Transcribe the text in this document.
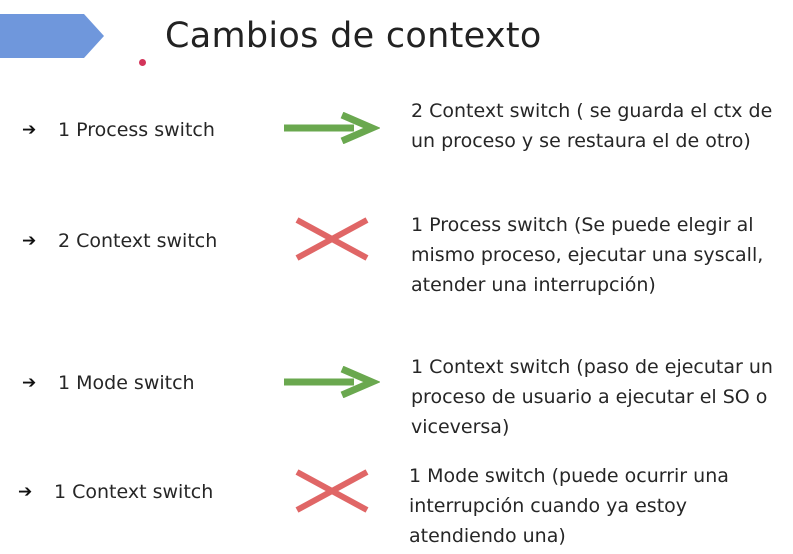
Cambios de contexto
➔	1 Process switch
2 Context switch ( se guarda el ctx de
un proceso y se restaura el de otro)
➔	2 Context switch
1 Process switch (Se puede elegir al
mismo proceso, ejecutar una syscall,
atender una interrupción)
➔	1 Mode switch
1 Context switch (paso de ejecutar un
proceso de usuario a ejecutar el SO o
viceversa)
➔	1 Context switch
1 Mode switch (puede ocurrir una
interrupción cuando ya estoy
atendiendo una)
